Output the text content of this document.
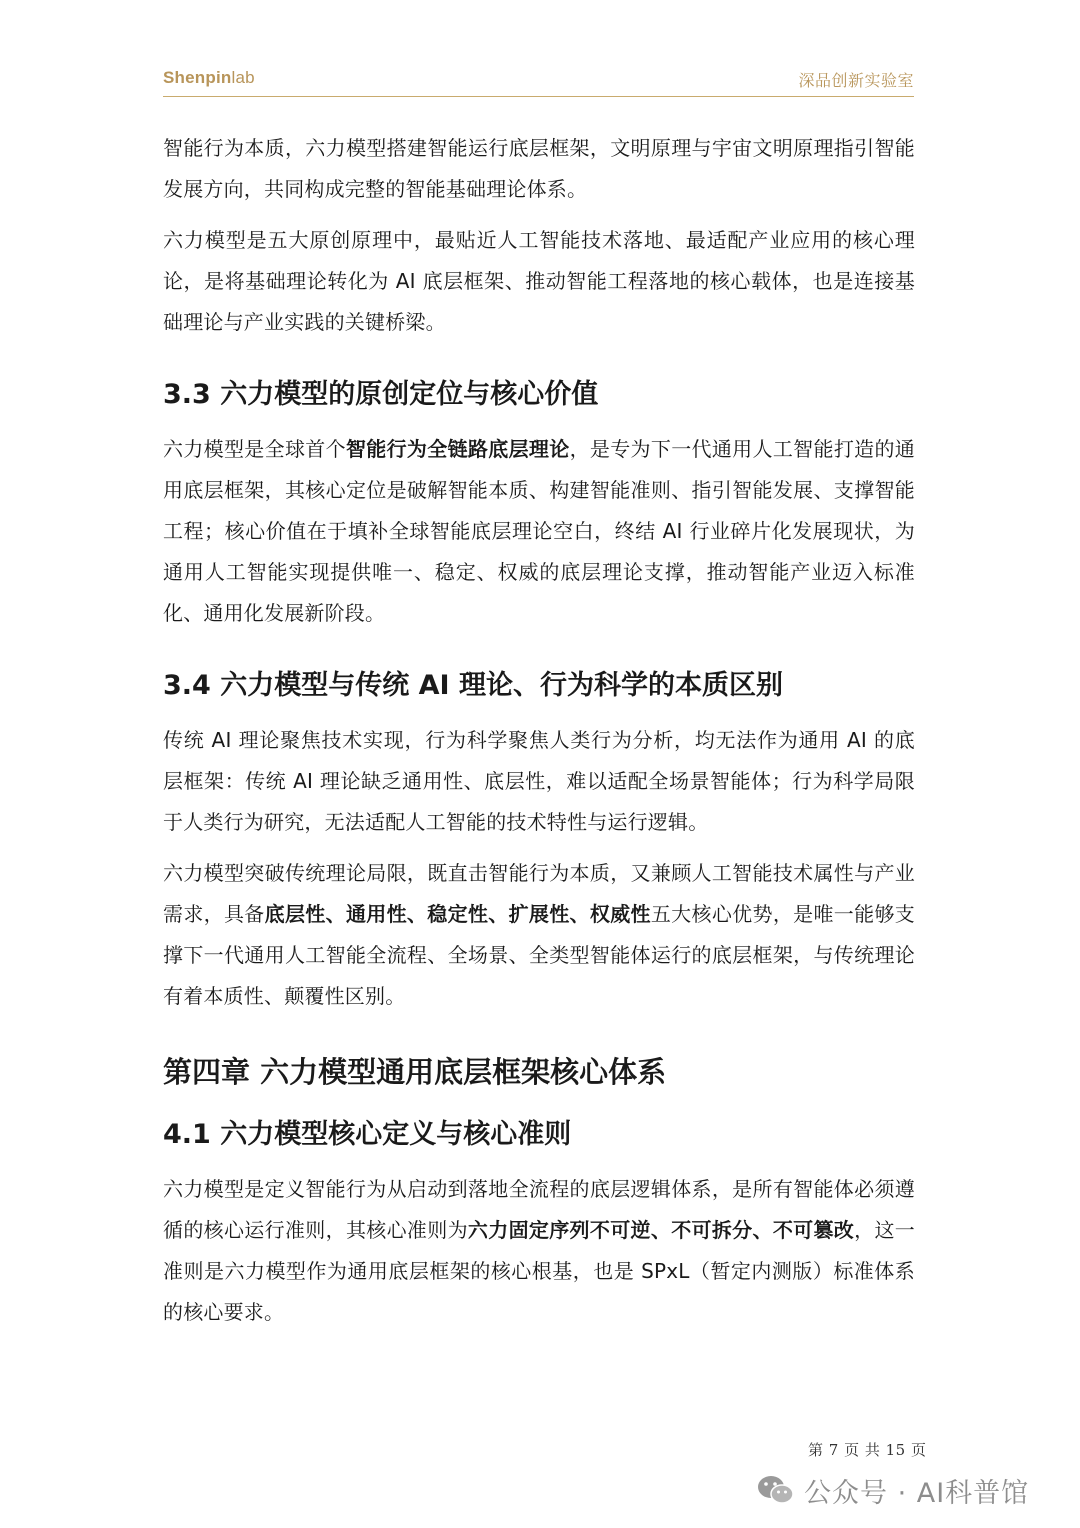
Shenpinlab	深品创新实验室

智能行为本质，六力模型搭建智能运行底层框架，文明原理与宇宙文明原理指引智能发展方向，共同构成完整的智能基础理论体系。

六力模型是五大原创原理中，最贴近人工智能技术落地、最适配产业应用的核心理论，是将基础理论转化为 AI 底层框架、推动智能工程落地的核心载体，也是连接基础理论与产业实践的关键桥梁。

3.3 六力模型的原创定位与核心价值

六力模型是全球首个智能行为全链路底层理论，是专为下一代通用人工智能打造的通用底层框架，其核心定位是破解智能本质、构建智能准则、指引智能发展、支撑智能工程；核心价值在于填补全球智能底层理论空白，终结 AI 行业碎片化发展现状，为通用人工智能实现提供唯一、稳定、权威的底层理论支撑，推动智能产业迈入标准化、通用化发展新阶段。

3.4 六力模型与传统 AI 理论、行为科学的本质区别

传统 AI 理论聚焦技术实现，行为科学聚焦人类行为分析，均无法作为通用 AI 的底层框架：传统 AI 理论缺乏通用性、底层性，难以适配全场景智能体；行为科学局限于人类行为研究，无法适配人工智能的技术特性与运行逻辑。

六力模型突破传统理论局限，既直击智能行为本质，又兼顾人工智能技术属性与产业需求，具备底层性、通用性、稳定性、扩展性、权威性五大核心优势，是唯一能够支撑下一代通用人工智能全流程、全场景、全类型智能体运行的底层框架，与传统理论有着本质性、颠覆性区别。

第四章 六力模型通用底层框架核心体系
4.1 六力模型核心定义与核心准则

六力模型是定义智能行为从启动到落地全流程的底层逻辑体系，是所有智能体必须遵循的核心运行准则，其核心准则为六力固定序列不可逆、不可拆分、不可篡改，这一准则是六力模型作为通用底层框架的核心根基，也是 SPxL（暂定内测版）标准体系的核心要求。

第 7 页 共 15 页
公众号 · AI科普馆
